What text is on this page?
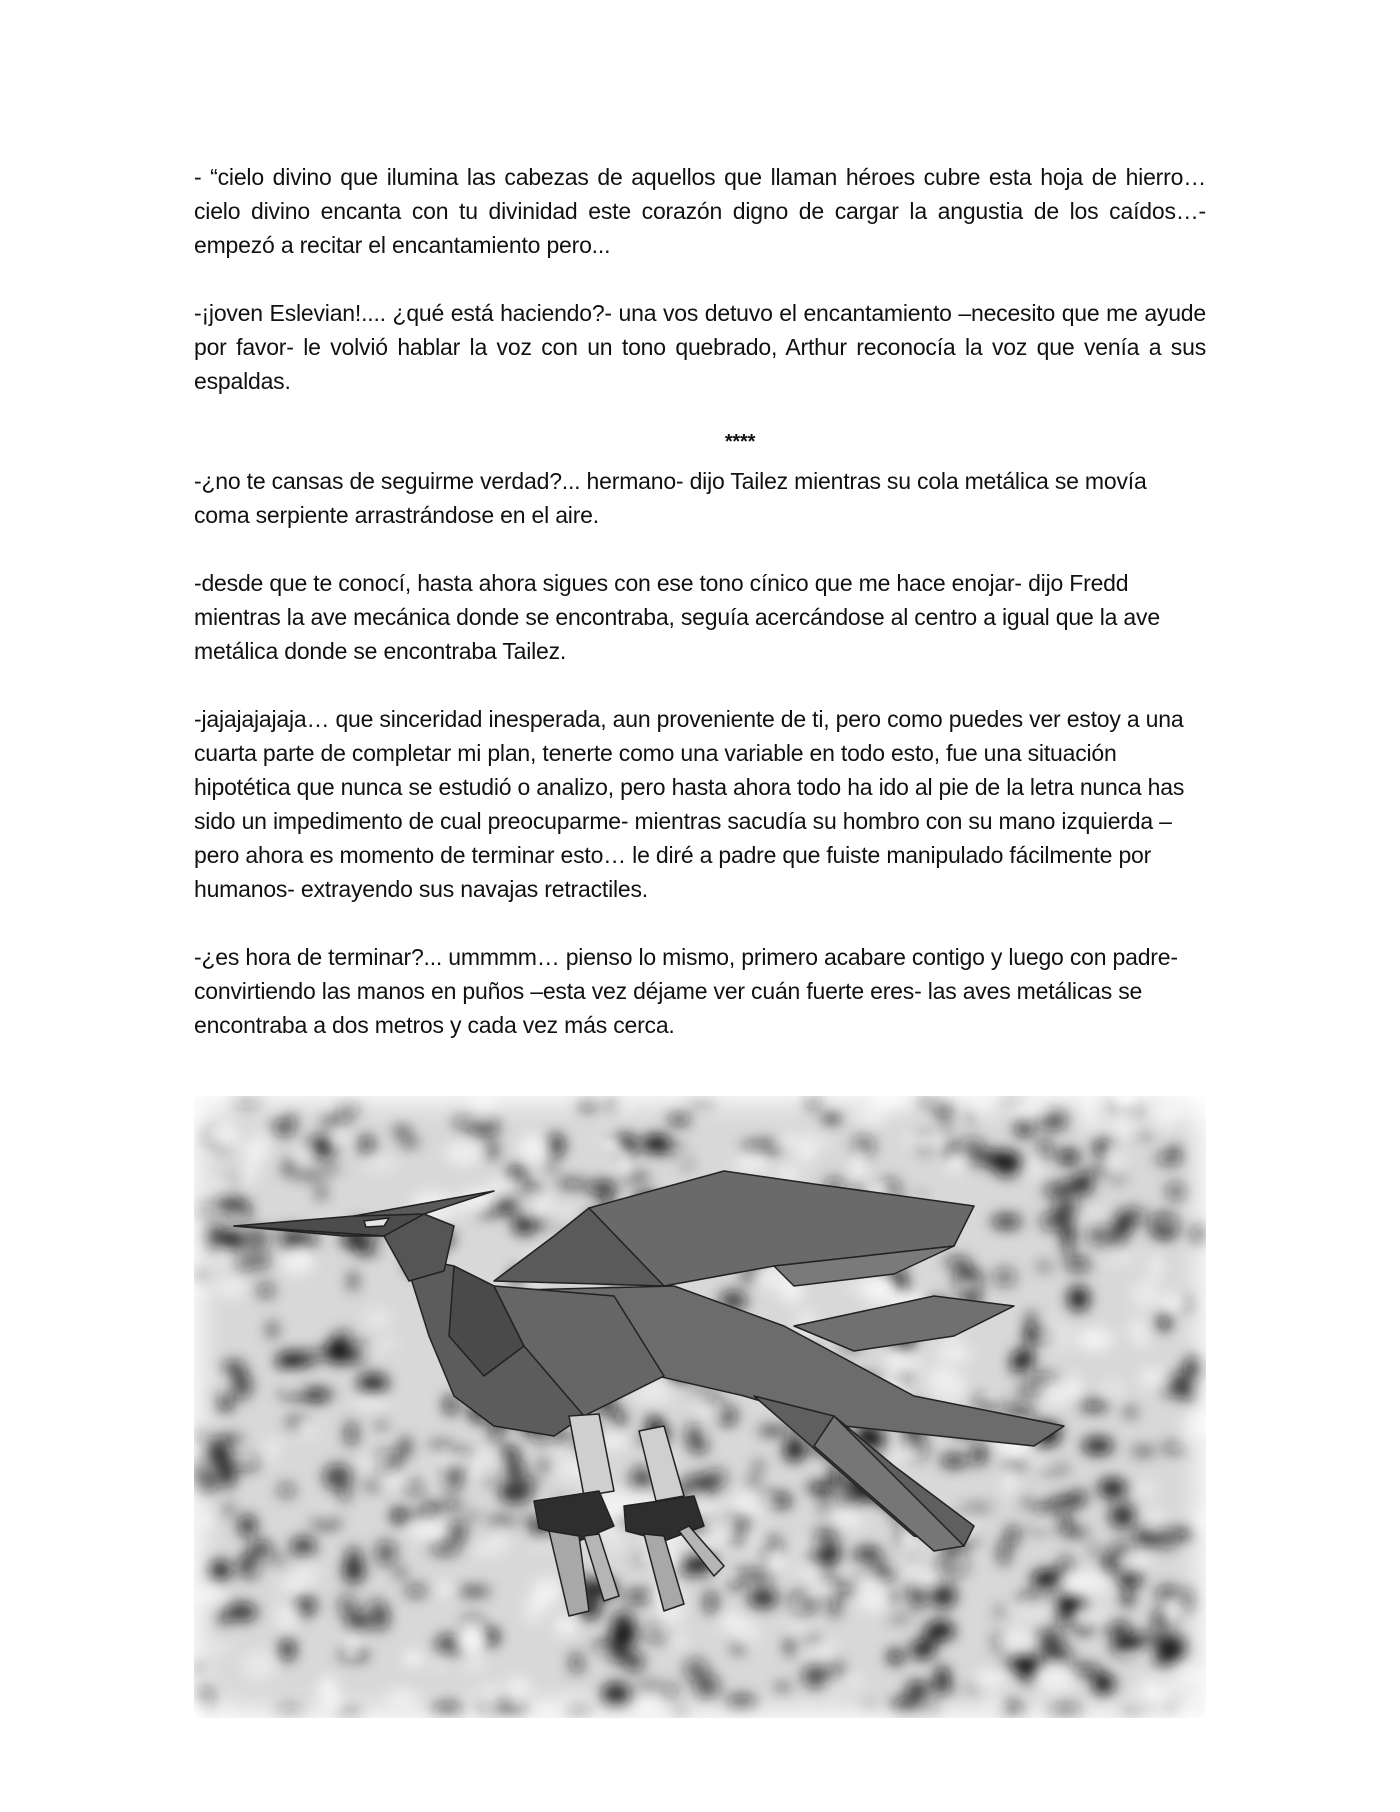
- “cielo divino que ilumina las cabezas de aquellos que llaman héroes cubre esta hoja de hierro… cielo divino encanta con tu divinidad este corazón digno de cargar la angustia de los caídos…- empezó a recitar el encantamiento pero...

-¡joven Eslevian!.... ¿qué está haciendo?- una vos detuvo el encantamiento –necesito que me ayude por favor- le volvió hablar la voz con un tono quebrado, Arthur reconocía la voz que venía a sus espaldas.

****

-¿no te cansas de seguirme verdad?... hermano- dijo Tailez mientras su cola metálica se movía coma serpiente arrastrándose en el aire.

-desde que te conocí, hasta ahora sigues con ese tono cínico que me hace enojar- dijo Fredd mientras la ave mecánica donde se encontraba, seguía acercándose al centro a igual que la ave metálica donde se encontraba Tailez.

-jajajajajaja… que sinceridad inesperada, aun proveniente de ti, pero como puedes ver estoy a una cuarta parte de completar mi plan, tenerte como una variable en todo esto, fue una situación hipotética que nunca se estudió o analizo, pero hasta ahora todo ha ido al pie de la letra nunca has sido un impedimento de cual preocuparme- mientras sacudía su hombro con su mano izquierda –pero ahora es momento de terminar esto… le diré a padre que fuiste manipulado fácilmente por humanos- extrayendo sus navajas retractiles.

-¿es hora de terminar?... ummmm… pienso lo mismo, primero acabare contigo y luego con padre- convirtiendo las manos en puños –esta vez déjame ver cuán fuerte eres- las aves metálicas se encontraba a dos metros y cada vez más cerca.
